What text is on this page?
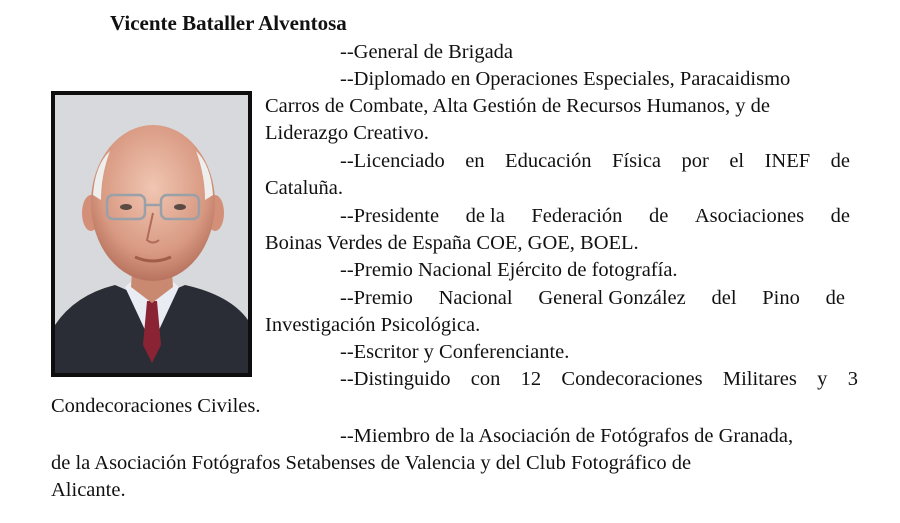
Vicente Bataller Alventosa
--General de Brigada
--Diplomado en Operaciones Especiales, Paracaidismo
Carros de Combate, Alta Gestión de Recursos Humanos, y de
Liderazgo Creativo.
--Licenciado en Educación Física por el INEF de
Cataluña.
--Presidente de la Federación de Asociaciones de
Boinas Verdes de España COE, GOE, BOEL.
--Premio Nacional Ejército de fotografía.
--Premio Nacional General González del Pino de
Investigación Psicológica.
--Escritor y Conferenciante.
--Distinguido con 12 Condecoraciones Militares y 3
Condecoraciones Civiles.
--Miembro de la Asociación de Fotógrafos de Granada,
de la Asociación Fotógrafos Setabenses de Valencia y del Club Fotográfico de
Alicante.
